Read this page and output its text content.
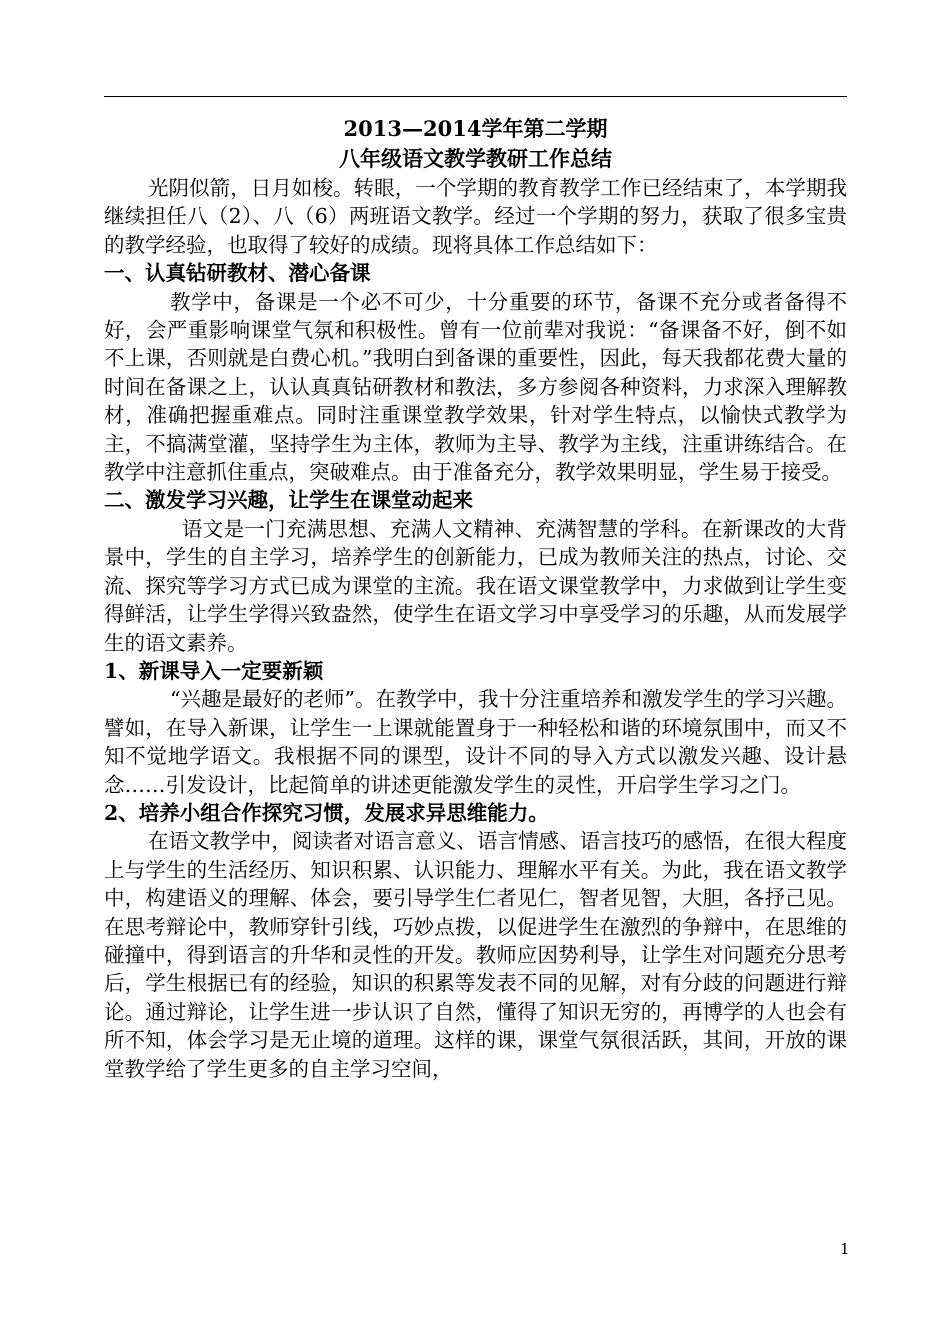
2013—2014学年第二学期

八年级语文教学教研工作总结

光阴似箭，日月如梭。转眼，一个学期的教育教学工作已经结束了，本学期我继续担任八（2）、八（6）两班语文教学。经过一个学期的努力，获取了很多宝贵的教学经验，也取得了较好的成绩。现将具体工作总结如下：

一、认真钻研教材、潜心备课

教学中，备课是一个必不可少，十分重要的环节，备课不充分或者备得不好，会严重影响课堂气氛和积极性。曾有一位前辈对我说：“备课备不好，倒不如不上课，否则就是白费心机。”我明白到备课的重要性，因此，每天我都花费大量的时间在备课之上，认认真真钻研教材和教法，多方参阅各种资料，力求深入理解教材，准确把握重难点。同时注重课堂教学效果，针对学生特点，以愉快式教学为主，不搞满堂灌，坚持学生为主体，教师为主导、教学为主线，注重讲练结合。在教学中注意抓住重点，突破难点。由于准备充分，教学效果明显，学生易于接受。

二、激发学习兴趣，让学生在课堂动起来

语文是一门充满思想、充满人文精神、充满智慧的学科。在新课改的大背景中，学生的自主学习，培养学生的创新能力，已成为教师关注的热点，讨论、交流、探究等学习方式已成为课堂的主流。我在语文课堂教学中，力求做到让学生变得鲜活，让学生学得兴致盎然，使学生在语文学习中享受学习的乐趣，从而发展学生的语文素养。

1、新课导入一定要新颖

“兴趣是最好的老师”。在教学中，我十分注重培养和激发学生的学习兴趣。譬如，在导入新课，让学生一上课就能置身于一种轻松和谐的环境氛围中，而又不知不觉地学语文。我根据不同的课型，设计不同的导入方式以激发兴趣、设计悬念……引发设计，比起简单的讲述更能激发学生的灵性，开启学生学习之门。

2、培养小组合作探究习惯，发展求异思维能力。

在语文教学中，阅读者对语言意义、语言情感、语言技巧的感悟，在很大程度上与学生的生活经历、知识积累、认识能力、理解水平有关。为此，我在语文教学中，构建语义的理解、体会，要引导学生仁者见仁，智者见智，大胆，各抒己见。在思考辩论中，教师穿针引线，巧妙点拨，以促进学生在激烈的争辩中，在思维的碰撞中，得到语言的升华和灵性的开发。教师应因势利导，让学生对问题充分思考后，学生根据已有的经验，知识的积累等发表不同的见解，对有分歧的问题进行辩论。通过辩论，让学生进一步认识了自然，懂得了知识无穷的，再博学的人也会有所不知，体会学习是无止境的道理。这样的课，课堂气氛很活跃，其间，开放的课堂教学给了学生更多的自主学习空间，

1
